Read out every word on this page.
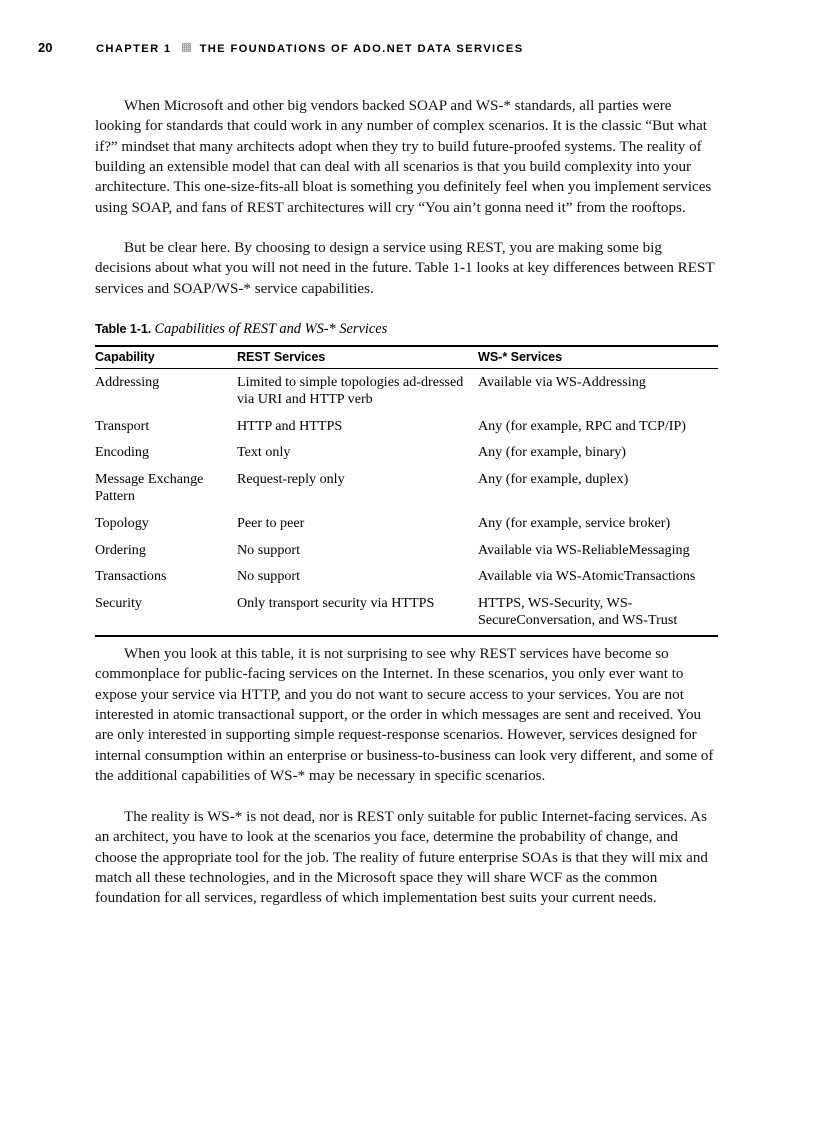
20	CHAPTER 1	THE FOUNDATIONS OF ADO.NET DATA SERVICES

When Microsoft and other big vendors backed SOAP and WS-* standards, all parties were looking for standards that could work in any number of complex scenarios. It is the classic “But what if?” mindset that many architects adopt when they try to build future-proofed systems. The reality of building an extensible model that can deal with all scenarios is that you build complexity into your architecture. This one-size-fits-all bloat is something you definitely feel when you implement services using SOAP, and fans of REST architectures will cry “You ain’t gonna need it” from the rooftops.

But be clear here. By choosing to design a service using REST, you are making some big decisions about what you will not need in the future. Table 1-1 looks at key differences between REST services and SOAP/WS-* service capabilities.

Table 1-1. Capabilities of REST and WS-* Services
Capability	REST Services	WS-* Services
Addressing	Limited to simple topologies ad-dressed via URI and HTTP verb	Available via WS-Addressing
Transport	HTTP and HTTPS	Any (for example, RPC and TCP/IP)
Encoding	Text only	Any (for example, binary)
Message Exchange Pattern	Request-reply only	Any (for example, duplex)
Topology	Peer to peer	Any (for example, service broker)
Ordering	No support	Available via WS-ReliableMessaging
Transactions	No support	Available via WS-AtomicTransactions
Security	Only transport security via HTTPS	HTTPS, WS-Security, WS-SecureConversation, and WS-Trust

When you look at this table, it is not surprising to see why REST services have become so commonplace for public-facing services on the Internet. In these scenarios, you only ever want to expose your service via HTTP, and you do not want to secure access to your services. You are not interested in atomic transactional support, or the order in which messages are sent and received. You are only interested in supporting simple request-response scenarios. However, services designed for internal consumption within an enterprise or business-to-business can look very different, and some of the additional capabilities of WS-* may be necessary in specific scenarios.

The reality is WS-* is not dead, nor is REST only suitable for public Internet-facing services. As an architect, you have to look at the scenarios you face, determine the probability of change, and choose the appropriate tool for the job. The reality of future enterprise SOAs is that they will mix and match all these technologies, and in the Microsoft space they will share WCF as the common foundation for all services, regardless of which implementation best suits your current needs.
